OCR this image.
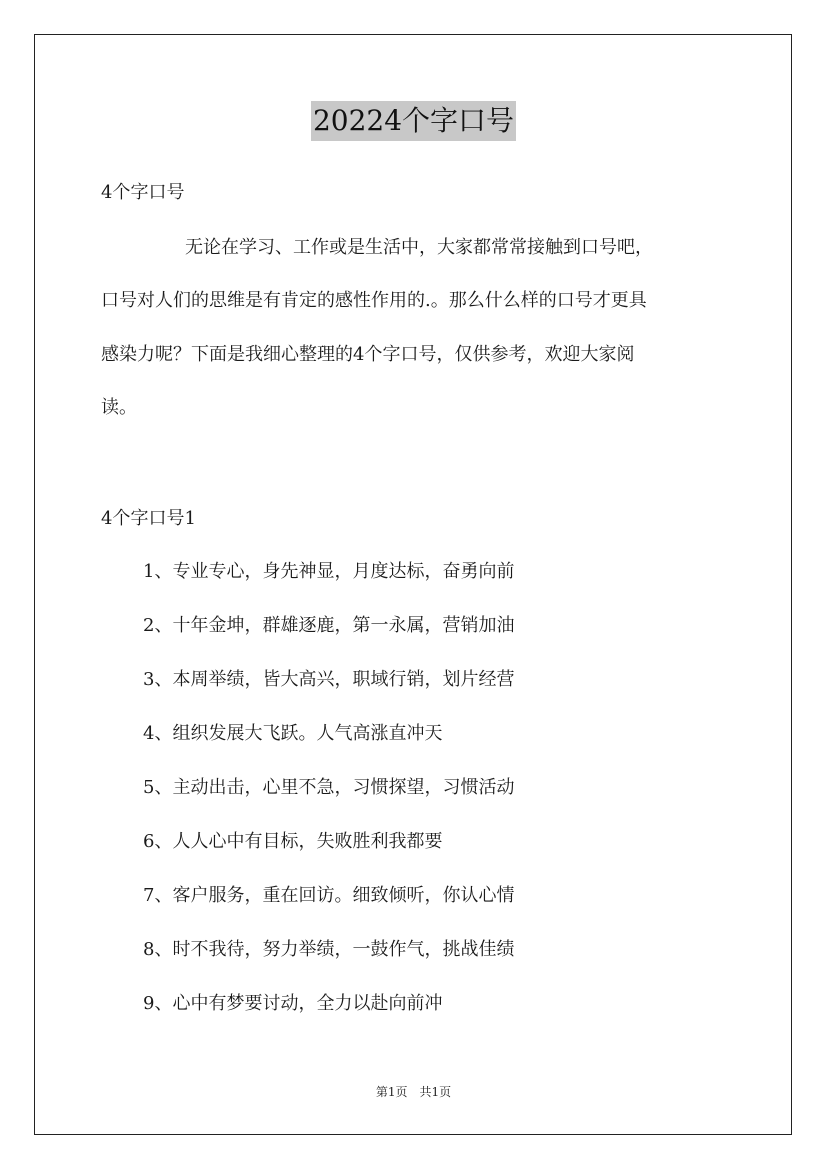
20224个字口号
4个字口号
无论在学习、工作或是生活中，大家都常常接触到口号吧，
口号对人们的思维是有肯定的感性作用的.。那么什么样的口号才更具
感染力呢？下面是我细心整理的4个字口号，仅供参考，欢迎大家阅
读。
4个字口号1
1、专业专心，身先神显，月度达标，奋勇向前
2、十年金坤，群雄逐鹿，第一永属，营销加油
3、本周举绩，皆大高兴，职域行销，划片经营
4、组织发展大飞跃。人气高涨直冲天
5、主动出击，心里不急，习惯探望，习惯活动
6、人人心中有目标，失败胜利我都要
7、客户服务，重在回访。细致倾听，你认心情
8、时不我待，努力举绩，一鼓作气，挑战佳绩
9、心中有梦要讨动，全力以赴向前冲
第1页　共1页
